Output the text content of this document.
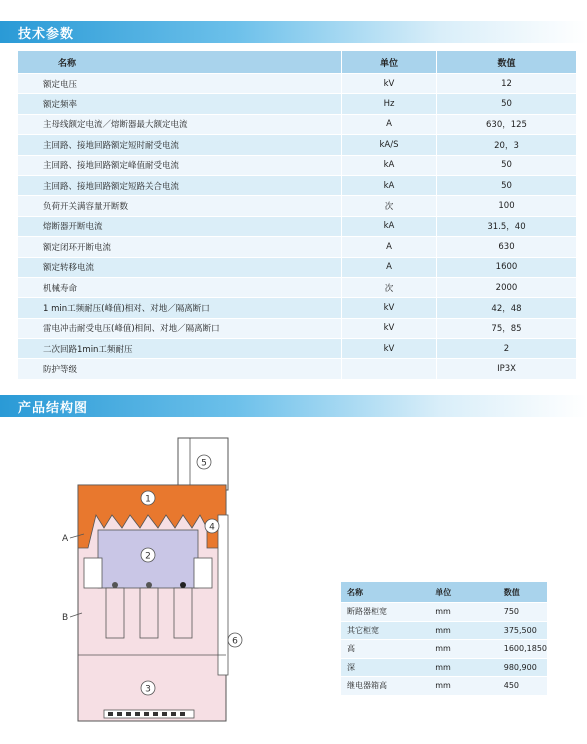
技术参数
名称	单位	数值
额定电压	kV	12
额定频率	Hz	50
主母线额定电流／熔断器最大额定电流	A	630，125
主回路、接地回路额定短时耐受电流	kA/S	20，3
主回路、接地回路额定峰值耐受电流	kA	50
主回路、接地回路额定短路关合电流	kA	50
负荷开关满容量开断数	次	100
熔断器开断电流	kA	31.5，40
额定闭环开断电流	A	630
额定转移电流	A	1600
机械寿命	次	2000
1 min工频耐压(峰值)相对、对地／隔离断口	kV	42，48
雷电冲击耐受电压(峰值)相间、对地／隔离断口	kV	75，85
二次回路1min工频耐压	kV	2
防护等级		IP3X
产品结构图
5
1
4
2
6
3
A
B
名称	单位	数值
断路器柜宽	mm	750
其它柜宽	mm	375,500
高	mm	1600,1850
深	mm	980,900
继电器箱高	mm	450
